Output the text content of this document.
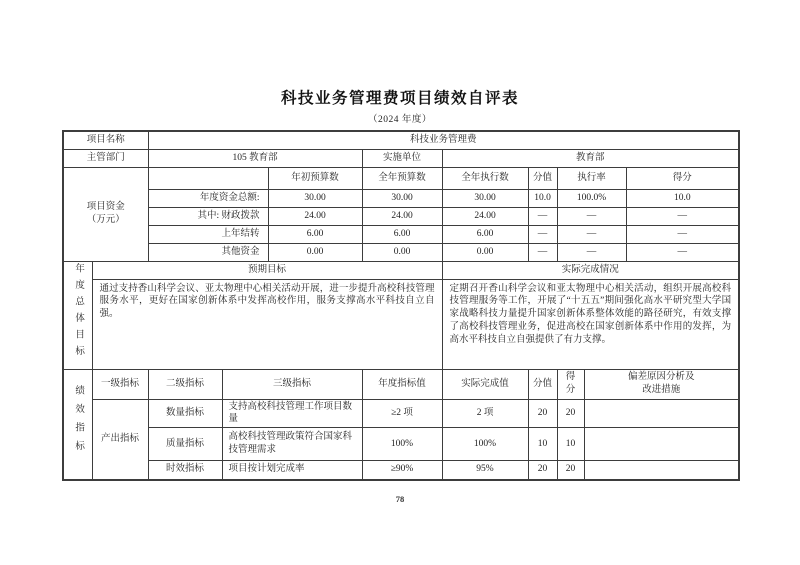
科技业务管理费项目绩效自评表
（2024 年度）
项目名称		科技业务管理费								
主管部门		105 教育部			实施单位	教育部				

项目资金
（万元）				年初预算数	全年预算数	全年执行数	分值	执行率		得分
		年度资金总额:		30.00	30.00	30.00	10.0	100.0%		10.0
		其中: 财政拨款		24.00	24.00	24.00	—	—		—
		上年结转		6.00	6.00	6.00	—	—		—
		其他资金		0.00	0.00	0.00	—	—		—
年度总体目标	预期目标					实际完成情况				
	通过支持香山科学会议、亚太物理中心相关活动开展，进一步提升高校科技管理服务水平，更好在国家创新体系中发挥高校作用，服务支撑高水平科技自立自强。					定期召开香山科学会议和亚太物理中心相关活动，组织开展高校科技管理服务等工作，开展了“十五五”期间强化高水平研究型大学国家战略科技力量提升国家创新体系整体效能的路径研究，有效支撑了高校科技管理业务，促进高校在国家创新体系中作用的发挥，为高水平科技自立自强提供了有力支撑。				
绩效指标	一级指标	二级指标	三级指标		年度指标值	实际完成值	分值	得分	偏差原因分析及
改进措施	

	产出指标	数量指标	支持高校科技管理工作项目数量		≥2 项	2 项	20	20		
		质量指标	高校科技管理政策符合国家科技管理需求		100%	100%	10	10		
		时效指标	项目按计划完成率		≥90%	95%	20	20		
78
